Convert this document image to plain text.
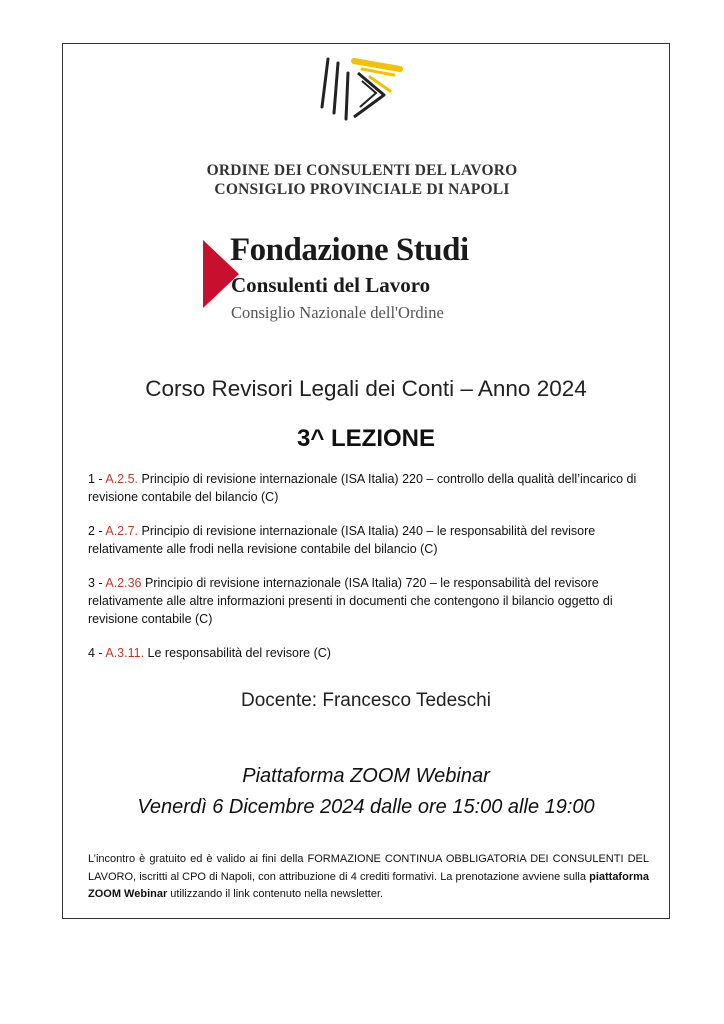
ORDINE DEI CONSULENTI DEL LAVORO
CONSIGLIO PROVINCIALE DI NAPOLI
Fondazione Studi
Consulenti del Lavoro
Consiglio Nazionale dell'Ordine
Corso Revisori Legali dei Conti – Anno 2024
3^ LEZIONE

1 - A.2.5. Principio di revisione internazionale (ISA Italia) 220 – controllo della qualità dell’incarico di revisione contabile del bilancio (C)

2 - A.2.7. Principio di revisione internazionale (ISA Italia) 240 – le responsabilità del revisore relativamente alle frodi nella revisione contabile del bilancio (C)

3 - A.2.36 Principio di revisione internazionale (ISA Italia) 720 – le responsabilità del revisore relativamente alle altre informazioni presenti in documenti che contengono il bilancio oggetto di revisione contabile (C)

4 - A.3.11. Le responsabilità del revisore (C)

Docente: Francesco Tedeschi
Piattaforma ZOOM Webinar
Venerdì 6 Dicembre 2024 dalle ore 15:00 alle 19:00
L’incontro è gratuito ed è valido ai fini della FORMAZIONE CONTINUA OBBLIGATORIA DEI CONSULENTI DEL LAVORO, iscritti al CPO di Napoli, con attribuzione di 4 crediti formativi. La prenotazione avviene sulla piattaforma ZOOM Webinar utilizzando il link contenuto nella newsletter.
